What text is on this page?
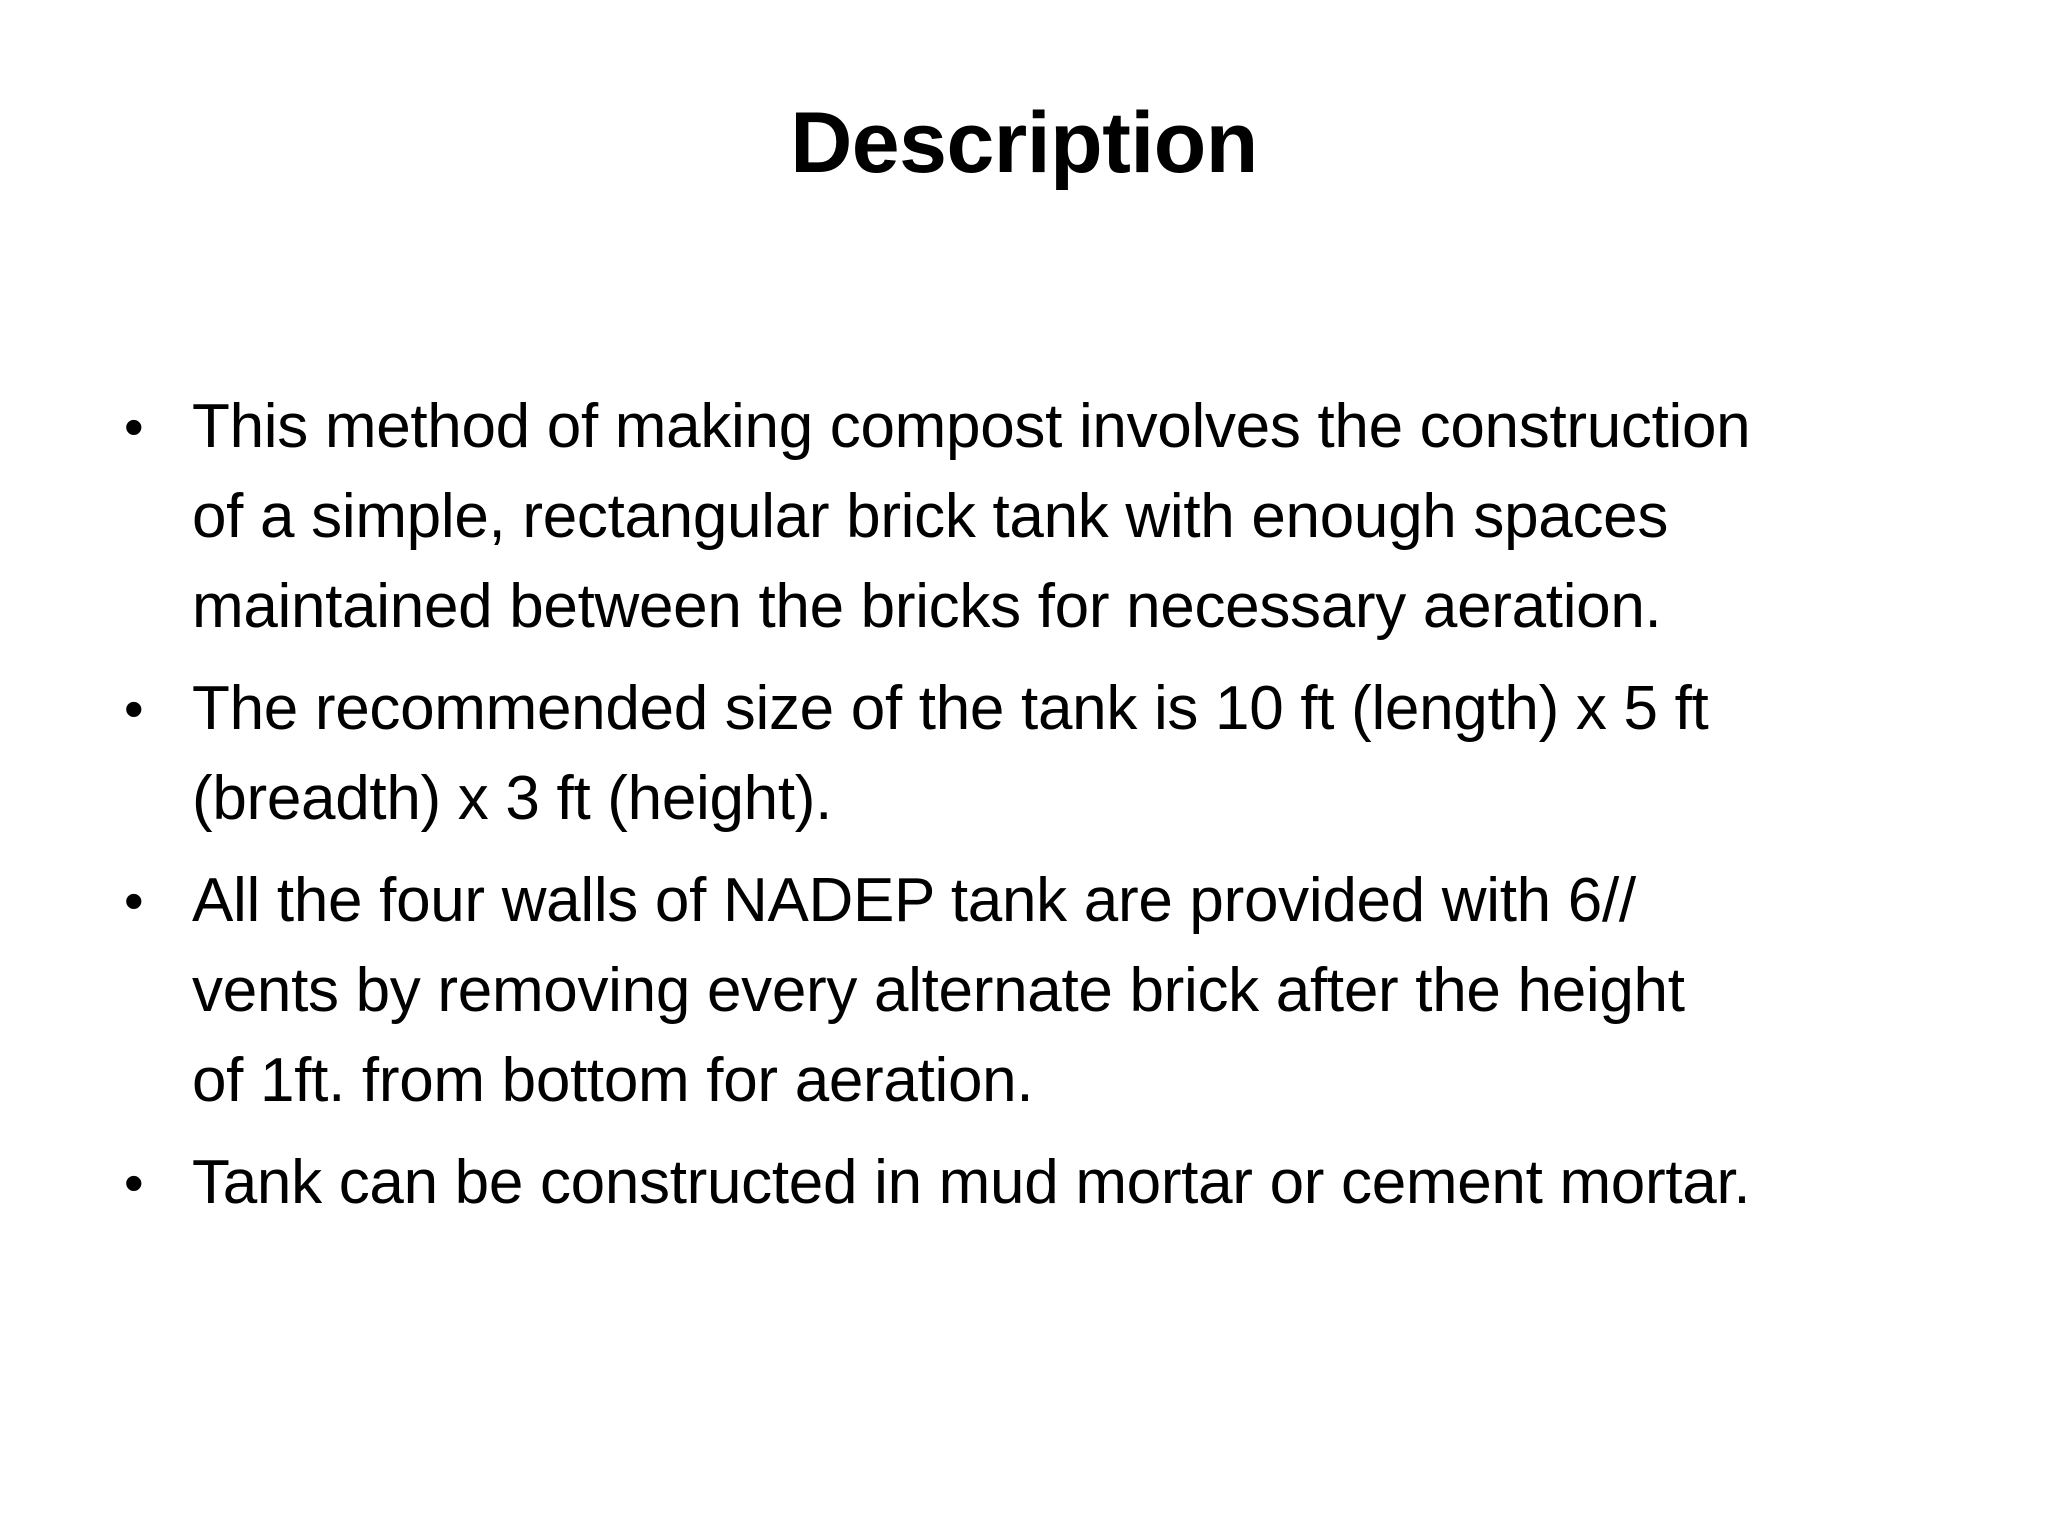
Description
• This method of making compost involves the construction
of a simple, rectangular brick tank with enough spaces
maintained between the bricks for necessary aeration.
• The recommended size of the tank is 10 ft (length) x 5 ft
(breadth) x 3 ft (height).
• All the four walls of NADEP tank are provided with 6//
vents by removing every alternate brick after the height
of 1ft. from bottom for aeration.
• Tank can be constructed in mud mortar or cement mortar.
